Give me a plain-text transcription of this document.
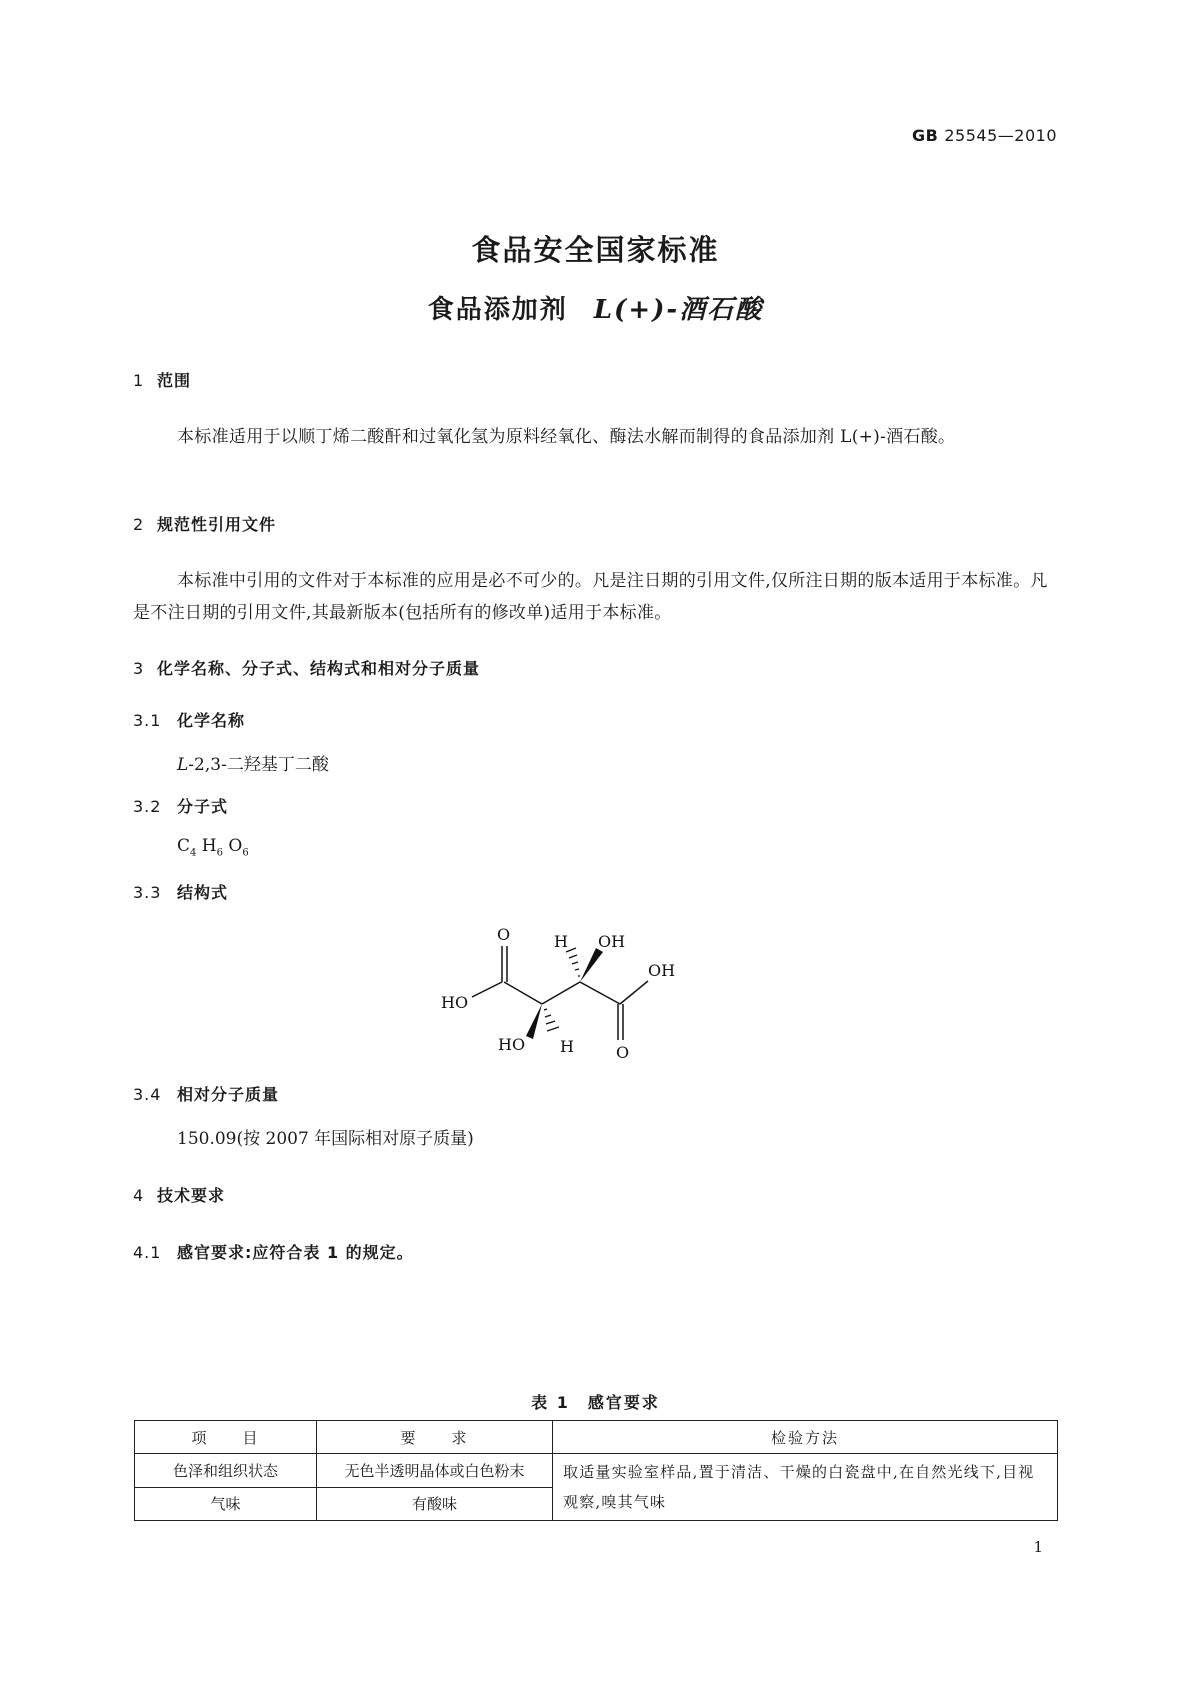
GB 25545—2010
食品安全国家标准
食品添加剂 L(+)-酒石酸
1 范围
本标准适用于以顺丁烯二酸酐和过氧化氢为原料经氧化、酶法水解而制得的食品添加剂 L(+)-酒石酸。
2 规范性引用文件
本标准中引用的文件对于本标准的应用是必不可少的。凡是注日期的引用文件,仅所注日期的版本适用于本标准。凡是不注日期的引用文件,其最新版本(包括所有的修改单)适用于本标准。
3 化学名称、分子式、结构式和相对分子质量
3.1 化学名称
L-2,3-二羟基丁二酸
3.2 分子式
$C_4$ $H_6$ $O_6$
3.3 结构式
O	H OH
OH
HO
HO H	O
3.4 相对分子质量
150.09(按 2007 年国际相对原子质量)
4 技术要求
4.1 感官要求:应符合表 1 的规定。
表 1　感官要求
项　　目	要　　求	检验方法
色泽和组织状态	无色半透明晶体或白色粉末	取适量实验室样品,置于清洁、干燥的白瓷盘中,在自然光线下,目视观察,嗅其气味
气味	有酸味	
1
